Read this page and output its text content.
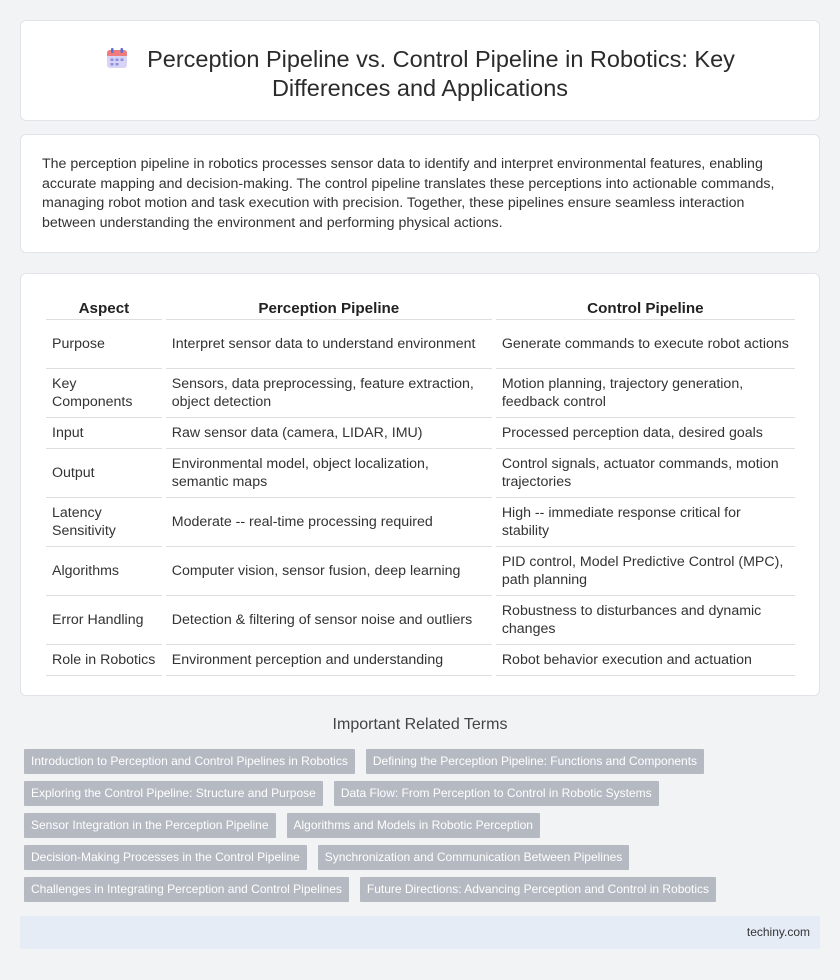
Perception Pipeline vs. Control Pipeline in Robotics: Key Differences and Applications

The perception pipeline in robotics processes sensor data to identify and interpret environmental features, enabling accurate mapping and decision-making. The control pipeline translates these perceptions into actionable commands, managing robot motion and task execution with precision. Together, these pipelines ensure seamless interaction between understanding the environment and performing physical actions.

Aspect	Perception Pipeline	Control Pipeline
Purpose	Interpret sensor data to understand environment	Generate commands to execute robot actions
Key Components	Sensors, data preprocessing, feature extraction, object detection	Motion planning, trajectory generation, feedback control
Input	Raw sensor data (camera, LIDAR, IMU)	Processed perception data, desired goals
Output	Environmental model, object localization, semantic maps	Control signals, actuator commands, motion trajectories
Latency Sensitivity	Moderate -- real-time processing required	High -- immediate response critical for stability
Algorithms	Computer vision, sensor fusion, deep learning	PID control, Model Predictive Control (MPC), path planning
Error Handling	Detection & filtering of sensor noise and outliers	Robustness to disturbances and dynamic changes
Role in Robotics	Environment perception and understanding	Robot behavior execution and actuation
Important Related Terms
Introduction to Perception and Control Pipelines in Robotics Defining the Perception Pipeline: Functions and Components
Exploring the Control Pipeline: Structure and Purpose Data Flow: From Perception to Control in Robotic Systems
Sensor Integration in the Perception Pipeline Algorithms and Models in Robotic Perception
Decision-Making Processes in the Control Pipeline Synchronization and Communication Between Pipelines
Challenges in Integrating Perception and Control Pipelines Future Directions: Advancing Perception and Control in Robotics
techiny.com
